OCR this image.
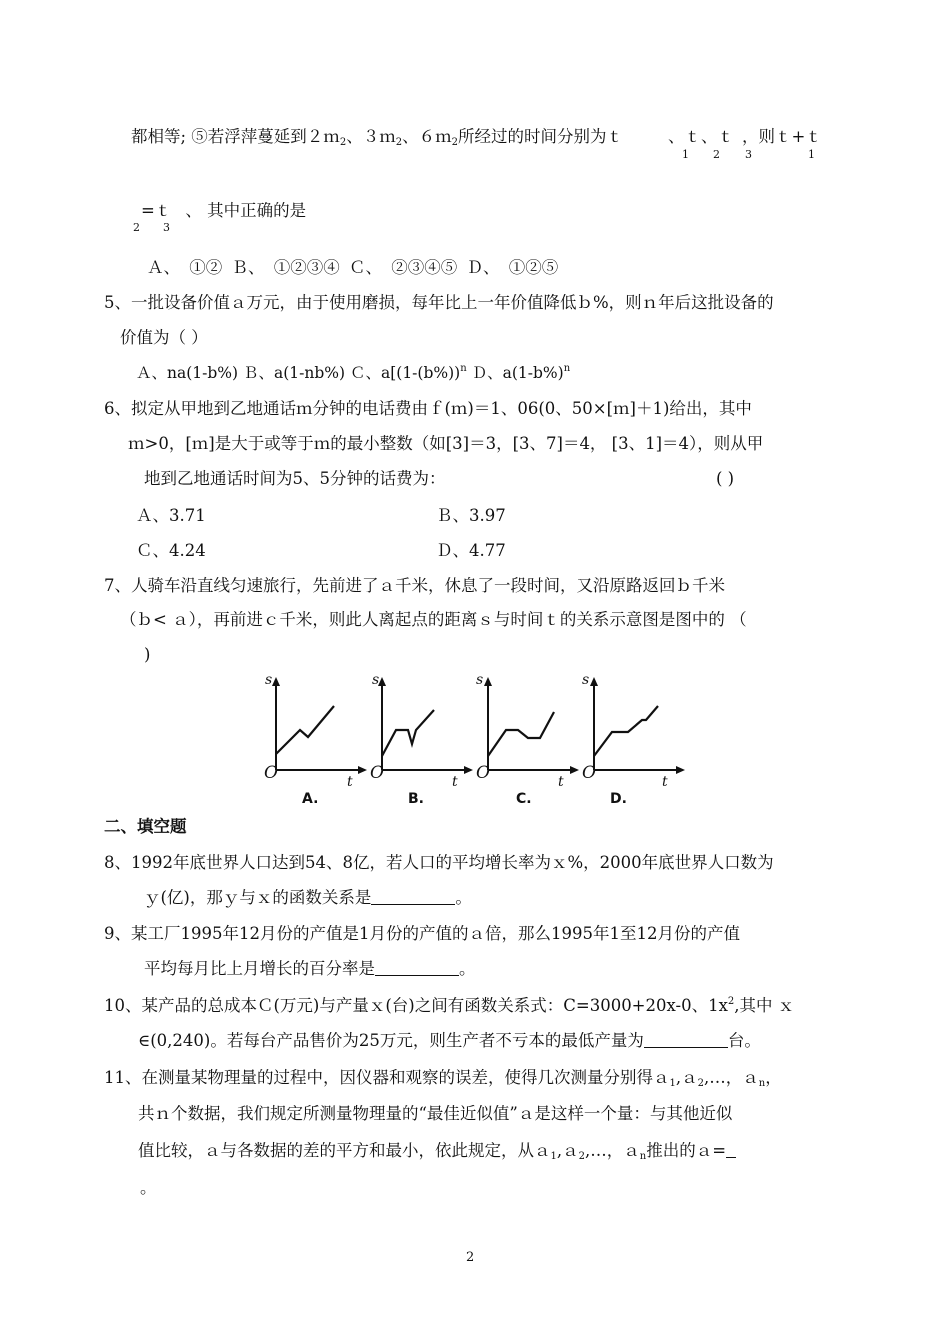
都相等; ⑤若浮萍蔓延到２ｍ$_2$、３ｍ$_2$、６ｍ$_2$所经过的时间分别为ｔ	、ｔ、ｔ ，则ｔ+ｔ
1 2 3	1
=ｔ 、 其中正确的是
2 3
Ａ、 ①② Ｂ、 ①②③④ Ｃ、 ②③④⑤ Ｄ、 ①②⑤
5、一批设备价值ａ万元，由于使用磨损，每年比上一年价值降低ｂ%，则ｎ年后这批设备的
价值为（ ）
Ａ、na(1-b%) Ｂ、a(1-nb%) Ｃ、$a[(1-(b\%))^n$ Ｄ、$a(1-b\%)^n$
6、拟定从甲地到乙地通话ｍ分钟的电话费由ｆ(ｍ)＝1、06(0、50×[ｍ]＋1)给出，其中
ｍ>0，[ｍ]是大于或等于ｍ的最小整数（如[3]＝3，[3、7]＝4， [3、1]＝4），则从甲
地到乙地通话时间为5、5分钟的话费为：	( )
Ａ、3.71	Ｂ、3.97
Ｃ、4.24	Ｄ、4.77
7、人骑车沿直线匀速旅行，先前进了ａ千米，休息了一段时间，又沿原路返回ｂ千米
（ｂ< ａ），再前进ｃ千米，则此人离起点的距离ｓ与时间ｔ的关系示意图是图中的 （
)
s	s	s	s
t	t	t	t
O	O	O	O
A.	B.	C.	D.
二、填空题
8、1992年底世界人口达到54、8亿，若人口的平均增长率为ｘ%，2000年底世界人口数为
ｙ(亿)，那ｙ与ｘ的函数关系是	。
9、某工厂1995年12月份的产值是1月份的产值的ａ倍，那么1995年1至12月份的产值
平均每月比上月增长的百分率是	。
10、某产品的总成本Ｃ(万元)与产量ｘ(台)之间有函数关系式：C=3000+20x-0、$1x^2$,其中 ｘ
∈(0,240)。若每台产品售价为25万元，则生产者不亏本的最低产量为	台。
11、在测量某物理量的过程中，因仪器和观察的误差，使得几次测量分别得ａ$_1$,ａ$_2$,…，ａ$_n$，
共ｎ个数据，我们规定所测量物理量的“最佳近似值”ａ是这样一个量：与其他近似
值比较，ａ与各数据的差的平方和最小，依此规定，从ａ$_1$,ａ$_2$,…，ａ$_n$推出的ａ=
。
2
